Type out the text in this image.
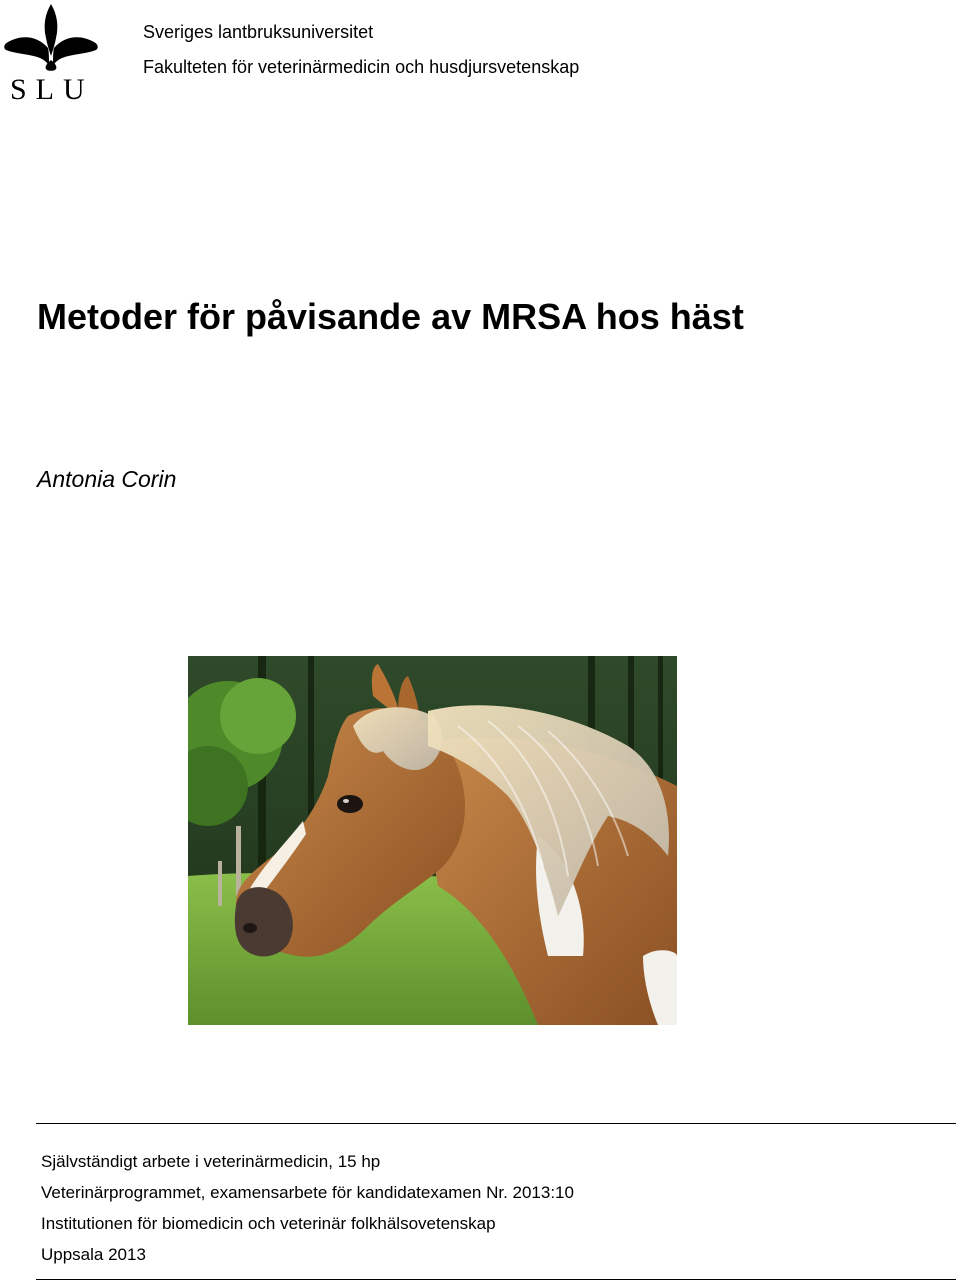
SLU
Sveriges lantbruksuniversitet
Fakulteten för veterinärmedicin och husdjursvetenskap
Metoder för påvisande av MRSA hos häst
Antonia Corin
Självständigt arbete i veterinärmedicin, 15 hp
Veterinärprogrammet, examensarbete för kandidatexamen Nr. 2013:10
Institutionen för biomedicin och veterinär folkhälsovetenskap
Uppsala 2013
